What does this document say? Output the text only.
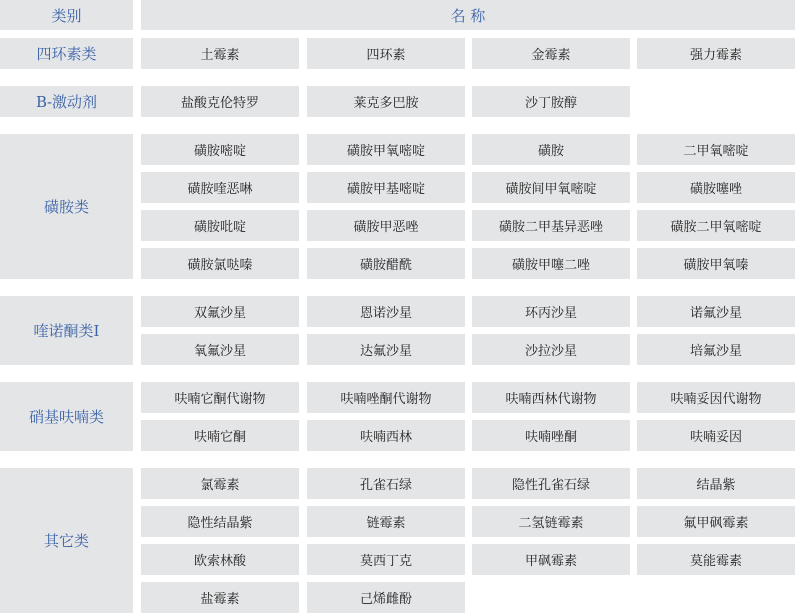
类别	名 称
四环素类	土霉素	四环素	金霉素	强力霉素
Β-激动剂	盐酸克伦特罗	莱克多巴胺	沙丁胺醇
磺胺类
磺胺嘧啶	磺胺甲氧嘧啶	磺胺	二甲氧嘧啶
磺胺喹恶啉	磺胺甲基嘧啶	磺胺间甲氧嘧啶	磺胺噻唑
磺胺吡啶	磺胺甲恶唑	磺胺二甲基异恶唑	磺胺二甲氧嘧啶
磺胺氯哒嗪	磺胺醋酰	磺胺甲噻二唑	磺胺甲氧嗪
喹诺酮类I
双氟沙星	恩诺沙星	环丙沙星	诺氟沙星
氧氟沙星	达氟沙星	沙拉沙星	培氟沙星
硝基呋喃类
呋喃它酮代谢物	呋喃唑酮代谢物	呋喃西林代谢物	呋喃妥因代谢物
呋喃它酮	呋喃西林	呋喃唑酮	呋喃妥因
其它类
氯霉素	孔雀石绿	隐性孔雀石绿	结晶紫
隐性结晶紫	链霉素	二氢链霉素	氟甲砜霉素
欧索林酸	莫西丁克	甲砜霉素	莫能霉素
盐霉素	己烯雌酚
